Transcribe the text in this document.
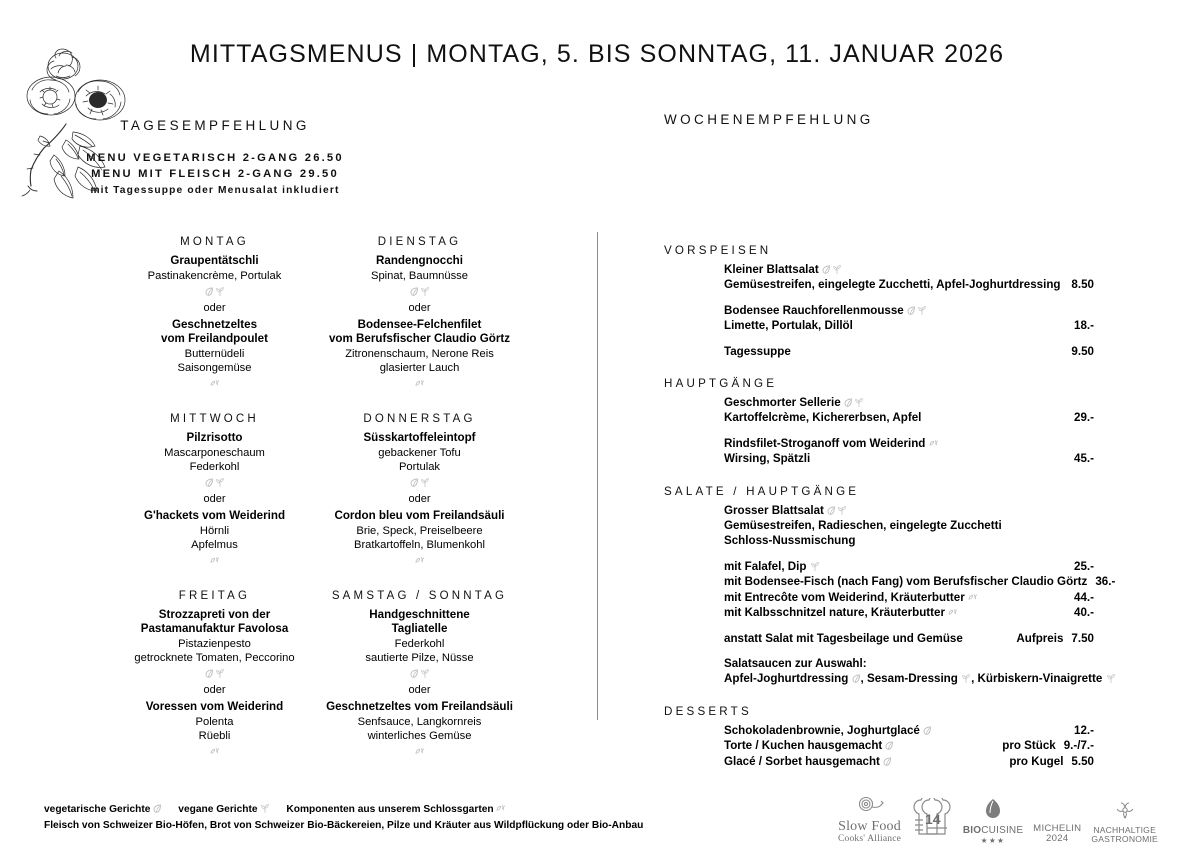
MITTAGSMENUS | MONTAG, 5. BIS SONNTAG, 11. JANUAR 2026
TAGESEMPFEHLUNG
MENU VEGETARISCH 2-GANG 26.50
MENU MIT FLEISCH 2-GANG 29.50
mit Tagessuppe oder Menusalat inkludiert
MONTAG
Graupentätschli
Pastinakencrème, Portulak
oder
Geschnetzeltes
vom Freilandpoulet
Butternüdeli
Saisongemüse
DIENSTAG
Randengnocchi
Spinat, Baumnüsse
oder
Bodensee-Felchenfilet
vom Berufsfischer Claudio Görtz
Zitronenschaum, Nerone Reis
glasierter Lauch
MITTWOCH
Pilzrisotto
Mascarponeschaum
Federkohl
oder
G'hackets vom Weiderind
Hörnli
Apfelmus
DONNERSTAG
Süsskartoffeleintopf
gebackener Tofu
Portulak
oder
Cordon bleu vom Freilandsäuli
Brie, Speck, Preiselbeere
Bratkartoffeln, Blumenkohl
FREITAG
Strozzapreti von der
Pastamanufaktur Favolosa
Pistazienpesto
getrocknete Tomaten, Peccorino
oder
Voressen vom Weiderind
Polenta
Rüebli
SAMSTAG / SONNTAG
Handgeschnittene
Tagliatelle
Federkohl
sautierte Pilze, Nüsse
oder
Geschnetzeltes vom Freilandsäuli
Senfsauce, Langkornreis
winterliches Gemüse
WOCHENEMPFEHLUNG
VORSPEISEN
Kleiner Blattsalat
Gemüsestreifen, eingelegte Zucchetti, Apfel-Joghurtdressing 8.50
Bodensee Rauchforellenmousse
Limette, Portulak, Dillöl	18.-
Tagessuppe	9.50
HAUPTGÄNGE
Geschmorter Sellerie
Kartoffelcrème, Kichererbsen, Apfel	29.-
Rindsfilet-Stroganoff vom Weiderind
Wirsing, Spätzli	45.-
SALATE / HAUPTGÄNGE
Grosser Blattsalat
Gemüsestreifen, Radieschen, eingelegte Zucchetti
Schloss-Nussmischung
mit Falafel, Dip	25.-
mit Bodensee-Fisch (nach Fang) vom Berufsfischer Claudio Görtz 36.-
mit Entrecôte vom Weiderind, Kräuterbutter	44.-
mit Kalbsschnitzel nature, Kräuterbutter	40.-
anstatt Salat mit Tagesbeilage und Gemüse	Aufpreis 7.50
Salatsaucen zur Auswahl:
Apfel-Joghurtdressing , Sesam-Dressing , Kürbiskern-Vinaigrette
DESSERTS
Schokoladenbrownie, Joghurtglacé	12.-
Torte / Kuchen hausgemacht	pro Stück 9.-/7.-
Glacé / Sorbet hausgemacht	pro Kugel 5.50
vegetarische Gerichte vegane Gerichte	Komponenten aus unserem Schlossgarten
Fleisch von Schweizer Bio-Höfen, Brot von Schweizer Bio-Bäckereien, Pilze und Kräuter aus Wildpflückung oder Bio-Anbau	Slow Food
Cooks' Alliance
14
BIOCUISINE
★★★
MICHELIN
2024
NACHHALTIGE
GASTRONOMIE
